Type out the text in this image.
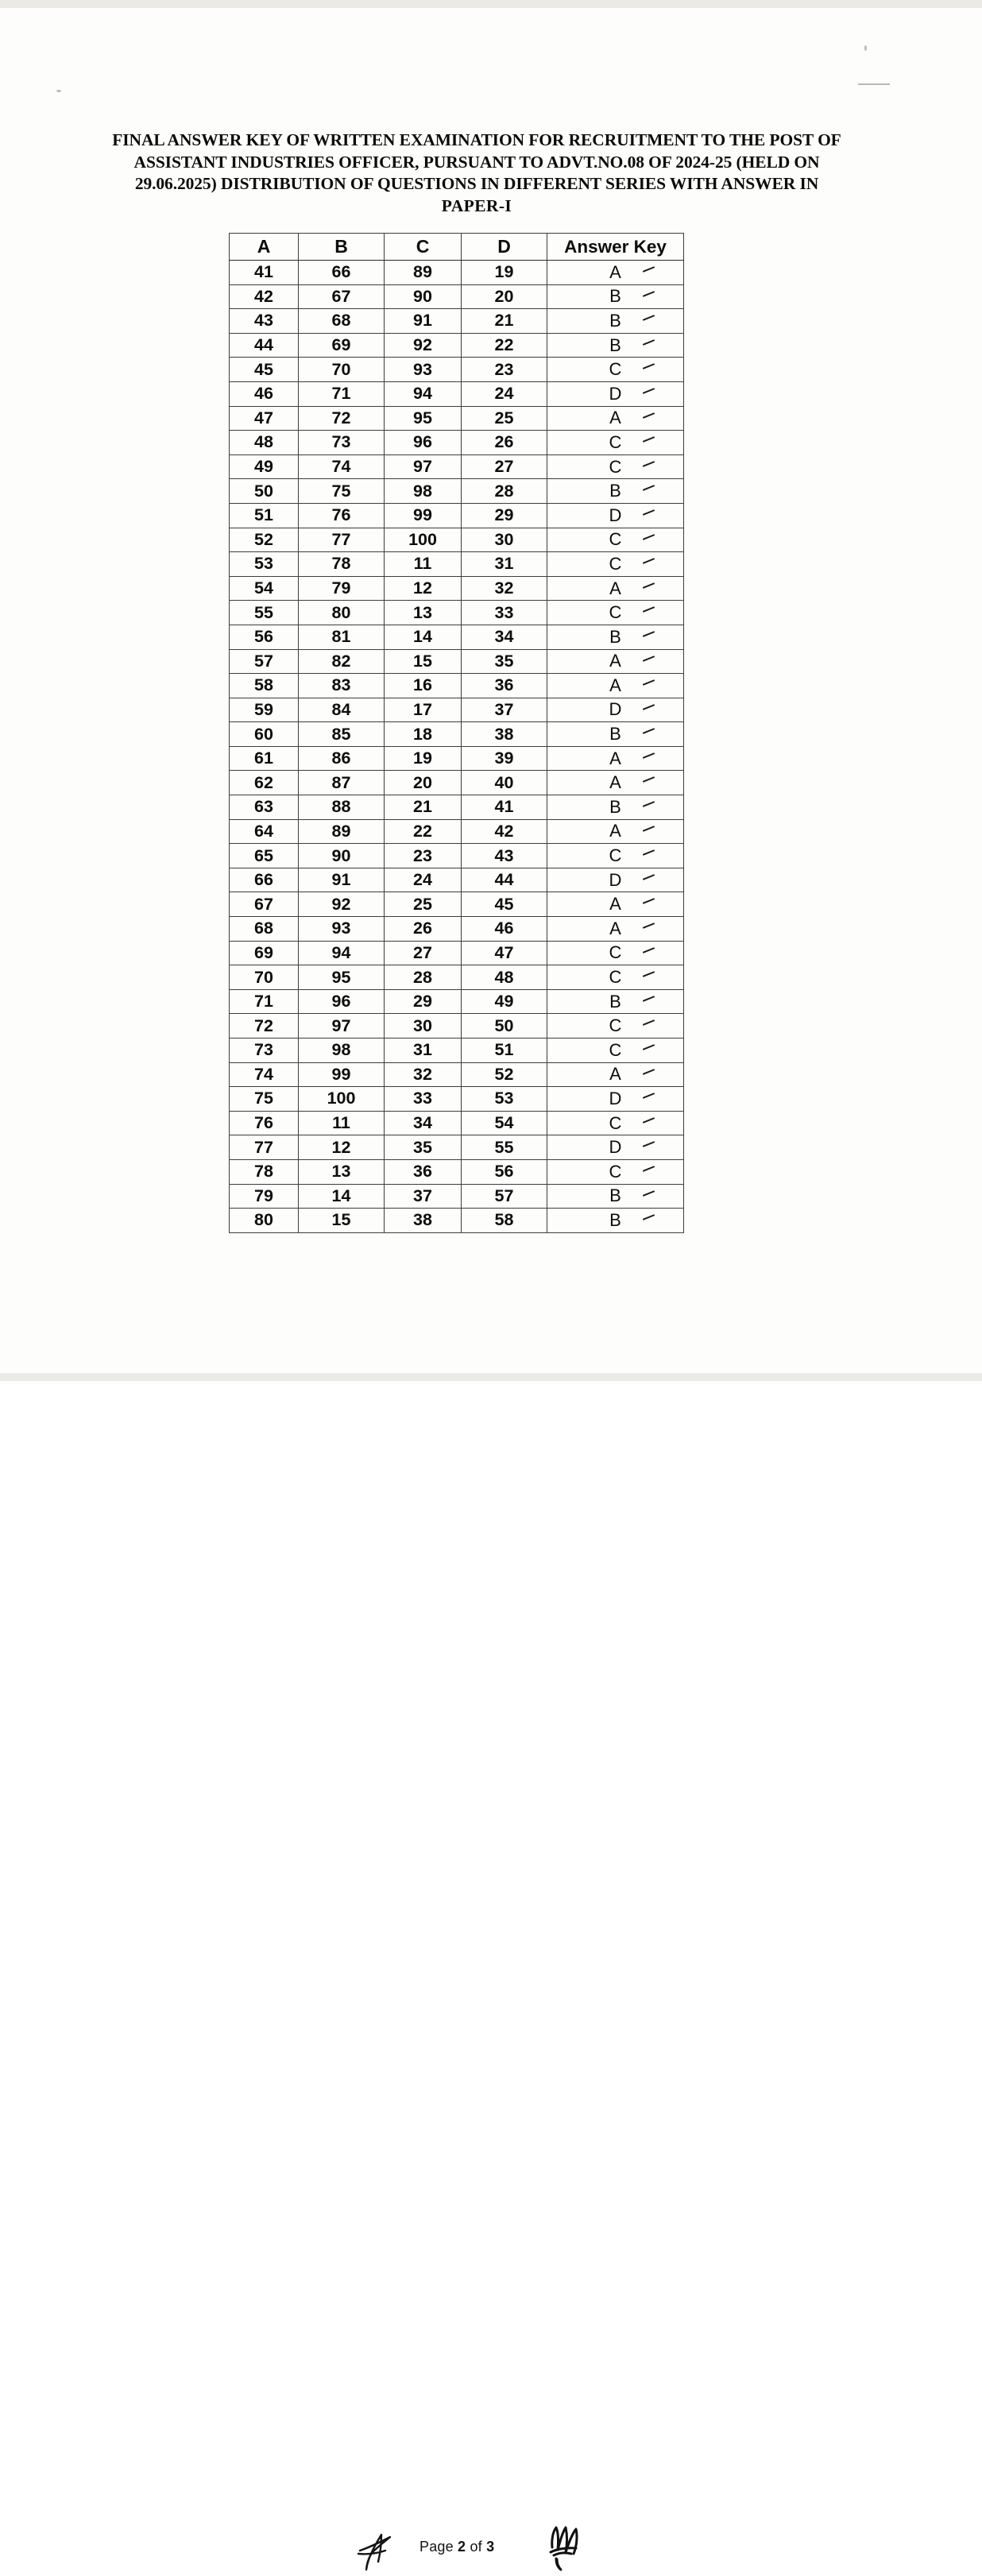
FINAL ANSWER KEY OF WRITTEN EXAMINATION FOR RECRUITMENT TO THE POST OF
ASSISTANT INDUSTRIES OFFICER, PURSUANT TO ADVT.NO.08 OF 2024-25 (HELD ON
29.06.2025) DISTRIBUTION OF QUESTIONS IN DIFFERENT SERIES WITH ANSWER IN
PAPER-I
A	B	C	D	Answer Key
41	66	89	19	A

42	67	90	20	B

43	68	91	21	B

44	69	92	22	B

45	70	93	23	C

46	71	94	24	D

47	72	95	25	A

48	73	96	26	C

49	74	97	27	C

50	75	98	28	B

51	76	99	29	D

52	77	100	30	C

53	78	11	31	C

54	79	12	32	A

55	80	13	33	C

56	81	14	34	B

57	82	15	35	A

58	83	16	36	A

59	84	17	37	D

60	85	18	38	B

61	86	19	39	A

62	87	20	40	A

63	88	21	41	B

64	89	22	42	A

65	90	23	43	C

66	91	24	44	D

67	92	25	45	A

68	93	26	46	A

69	94	27	47	C

70	95	28	48	C

71	96	29	49	B

72	97	30	50	C

73	98	31	51	C

74	99	32	52	A

75	100	33	53	D

76	11	34	54	C

77	12	35	55	D

78	13	36	56	C

79	14	37	57	B

80	15	38	58	B
Page 2 of 3
